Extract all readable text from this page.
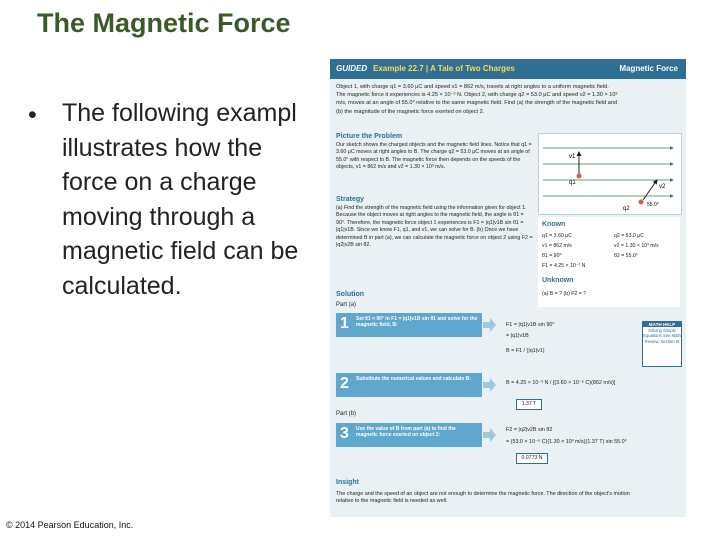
The Magnetic Force
• The following exampl
illustrates how the
force on a charge
moving through a
magnetic field can be
calculated.
GUIDED Example 22.7 | A Tale of Two Charges	Magnetic Force
Object 1, with charge q1 = 3.60 μC and speed v1 = 862 m/s, travels at right angles to a uniform magnetic field. The magnetic force it experiences is 4.25 × 10⁻³ N. Object 2, with charge q2 = 53.0 μC and speed v2 = 1.30 × 10³ m/s, moves at an angle of 55.0° relative to the same magnetic field. Find (a) the strength of the magnetic field and (b) the magnitude of the magnetic force exerted on object 2.
Picture the Problem
Our sketch shows the charged objects and the magnetic field lines. Notice that q1 = 3.60 μC moves at right angles to B. The charge q2 = 53.0 μC moves at an angle of 55.0° with respect to B. The magnetic force then depends on the speeds of the objects, v1 = 862 m/s and v2 = 1.30 × 10³ m/s.
v1
q1
v2
q2
55.0°
Strategy
(a) Find the strength of the magnetic field using the information given for object 1. Because the object moves at right angles to the magnetic field, the angle is θ1 = 90°. Therefore, the magnetic force object 1 experiences is F1 = |q1|v1B sin θ1 = |q1|v1B. Since we know F1, q1, and v1, we can solve for B. (b) Once we have determined B in part (a), we can calculate the magnetic force on object 2 using F2 = |q2|v2B sin θ2.
Known
q1 = 3.60 μC	q2 = 53.0 μC
v1 = 862 m/s	v2 = 1.30 × 10³ m/s
θ1 = 90°	θ2 = 55.0°
F1 = 4.25 × 10⁻³ N
Unknown
(a) B = ? (b) F2 = ?
Solution
Part (a)
1 Set θ1 = 90° in F1 = |q1|v1B sin θ1 and solve for the magnetic field, B:	F1 = |q1|v1B sin 90°
= |q1|v1B
B = F1 / (|q1|v1)
MATH HELP
Solving Simple Equations See Math Review, Section III
2 Substitute the numerical values and calculate B:
B = 4.25 × 10⁻³ N / [(3.60 × 10⁻⁶ C)(862 m/s)]
1.37 T
Part (b)
3 Use the value of B from part (a) to find the magnetic force exerted on object 2:
F2 = |q2|v2B sin θ2
= (53.0 × 10⁻⁶ C)(1.30 × 10³ m/s)(1.37 T) sin 55.0°
0.0773 N
Insight
The charge and the speed of an object are not enough to determine the magnetic force. The direction of the object's motion relative to the magnetic field is needed as well.
© 2014 Pearson Education, Inc.
